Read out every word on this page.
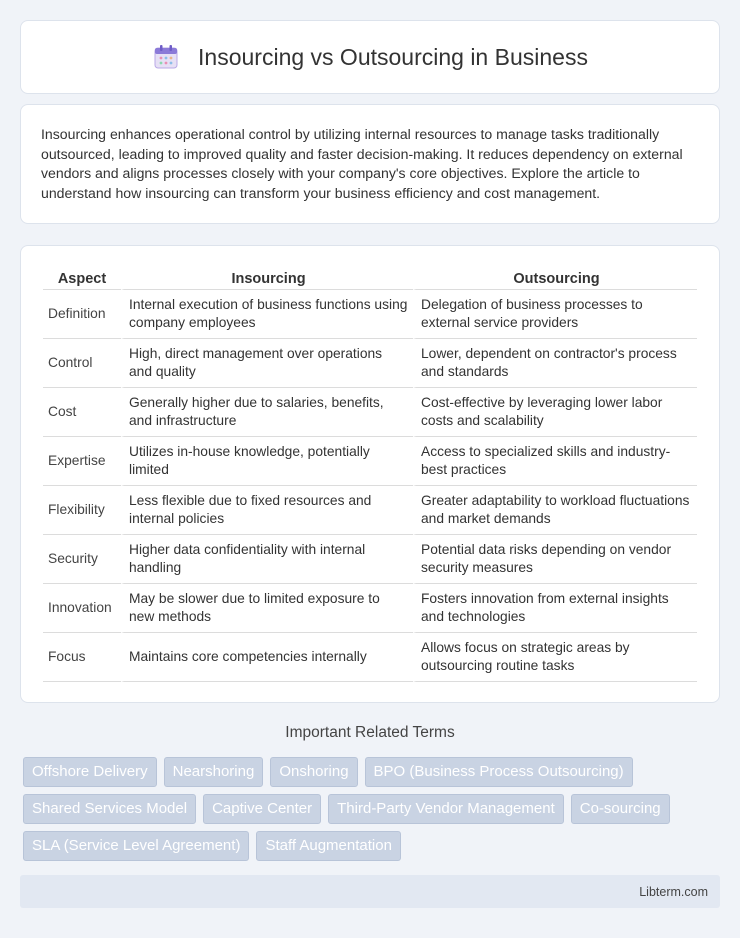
Insourcing vs Outsourcing in Business

Insourcing enhances operational control by utilizing internal resources to manage tasks traditionally outsourced, leading to improved quality and faster decision-making. It reduces dependency on external vendors and aligns processes closely with your company's core objectives. Explore the article to understand how insourcing can transform your business efficiency and cost management.

Aspect	Insourcing	Outsourcing
Definition	Internal execution of business functions using company employees	Delegation of business processes to external service providers
Control	High, direct management over operations and quality	Lower, dependent on contractor's process and standards
Cost	Generally higher due to salaries, benefits, and infrastructure	Cost-effective by leveraging lower labor costs and scalability
Expertise	Utilizes in-house knowledge, potentially limited	Access to specialized skills and industry-best practices
Flexibility	Less flexible due to fixed resources and internal policies	Greater adaptability to workload fluctuations and market demands
Security	Higher data confidentiality with internal handling	Potential data risks depending on vendor security measures
Innovation	May be slower due to limited exposure to new methods	Fosters innovation from external insights and technologies
Focus	Maintains core competencies internally	Allows focus on strategic areas by outsourcing routine tasks
Important Related Terms
Offshore Delivery	Nearshoring	Onshoring	BPO (Business Process Outsourcing)
Shared Services Model	Captive Center	Third-Party Vendor Management	Co-sourcing
SLA (Service Level Agreement)	Staff Augmentation
Libterm.com
